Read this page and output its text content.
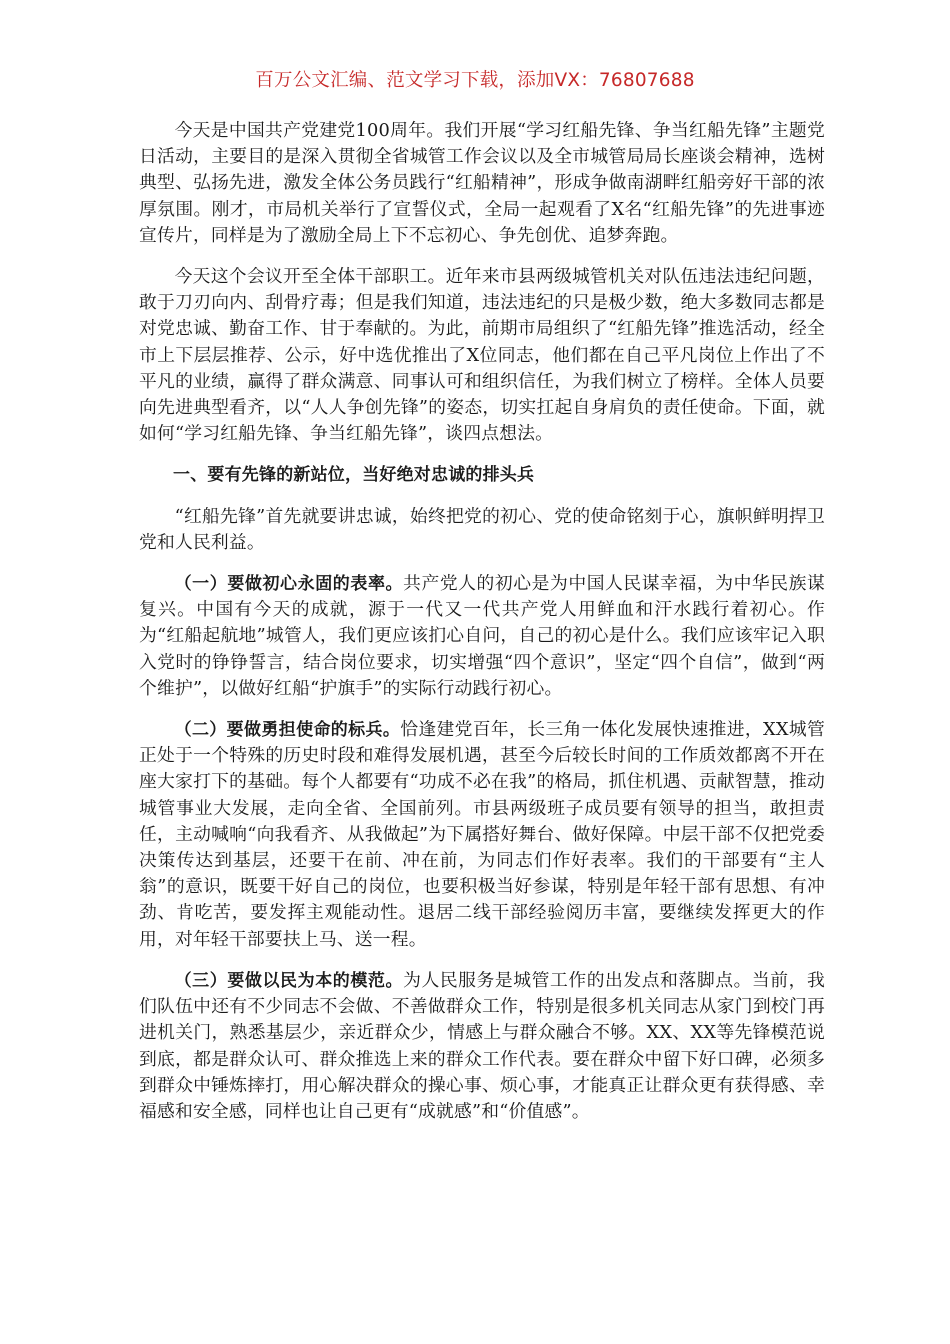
百万公文汇编、范文学习下载，添加VX：76807688

今天是中国共产党建党100周年。我们开展“学习红船先锋、争当红船先锋”主题党日活动，主要目的是深入贯彻全省城管工作会议以及全市城管局局长座谈会精神，选树典型、弘扬先进，激发全体公务员践行“红船精神”，形成争做南湖畔红船旁好干部的浓厚氛围。刚才，市局机关举行了宣誓仪式，全局一起观看了X名“红船先锋”的先进事迹宣传片，同样是为了激励全局上下不忘初心、争先创优、追梦奔跑。

今天这个会议开至全体干部职工。近年来市县两级城管机关对队伍违法违纪问题，敢于刀刃向内、刮骨疗毒；但是我们知道，违法违纪的只是极少数，绝大多数同志都是对党忠诚、勤奋工作、甘于奉献的。为此，前期市局组织了“红船先锋”推选活动，经全市上下层层推荐、公示，好中选优推出了X位同志，他们都在自己平凡岗位上作出了不平凡的业绩，赢得了群众满意、同事认可和组织信任，为我们树立了榜样。全体人员要向先进典型看齐，以“人人争创先锋”的姿态，切实扛起自身肩负的责任使命。下面，就如何“学习红船先锋、争当红船先锋”，谈四点想法。

一、要有先锋的新站位，当好绝对忠诚的排头兵

“红船先锋”首先就要讲忠诚，始终把党的初心、党的使命铭刻于心，旗帜鲜明捍卫党和人民利益。

（一）要做初心永固的表率。共产党人的初心是为中国人民谋幸福，为中华民族谋复兴。中国有今天的成就，源于一代又一代共产党人用鲜血和汗水践行着初心。作为“红船起航地”城管人，我们更应该扪心自问，自己的初心是什么。我们应该牢记入职入党时的铮铮誓言，结合岗位要求，切实增强“四个意识”，坚定“四个自信”，做到“两个维护”，以做好红船“护旗手”的实际行动践行初心。

（二）要做勇担使命的标兵。恰逢建党百年，长三角一体化发展快速推进，XX城管正处于一个特殊的历史时段和难得发展机遇，甚至今后较长时间的工作质效都离不开在座大家打下的基础。每个人都要有“功成不必在我”的格局，抓住机遇、贡献智慧，推动城管事业大发展，走向全省、全国前列。市县两级班子成员要有领导的担当，敢担责任，主动喊响“向我看齐、从我做起”为下属搭好舞台、做好保障。中层干部不仅把党委决策传达到基层，还要干在前、冲在前，为同志们作好表率。我们的干部要有“主人翁”的意识，既要干好自己的岗位，也要积极当好参谋，特别是年轻干部有思想、有冲劲、肯吃苦，要发挥主观能动性。退居二线干部经验阅历丰富，要继续发挥更大的作用，对年轻干部要扶上马、送一程。

（三）要做以民为本的模范。为人民服务是城管工作的出发点和落脚点。当前，我们队伍中还有不少同志不会做、不善做群众工作，特别是很多机关同志从家门到校门再进机关门，熟悉基层少，亲近群众少，情感上与群众融合不够。XX、XX等先锋模范说到底，都是群众认可、群众推选上来的群众工作代表。要在群众中留下好口碑，必须多到群众中锤炼摔打，用心解决群众的操心事、烦心事，才能真正让群众更有获得感、幸福感和安全感，同样也让自己更有“成就感”和“价值感”。
